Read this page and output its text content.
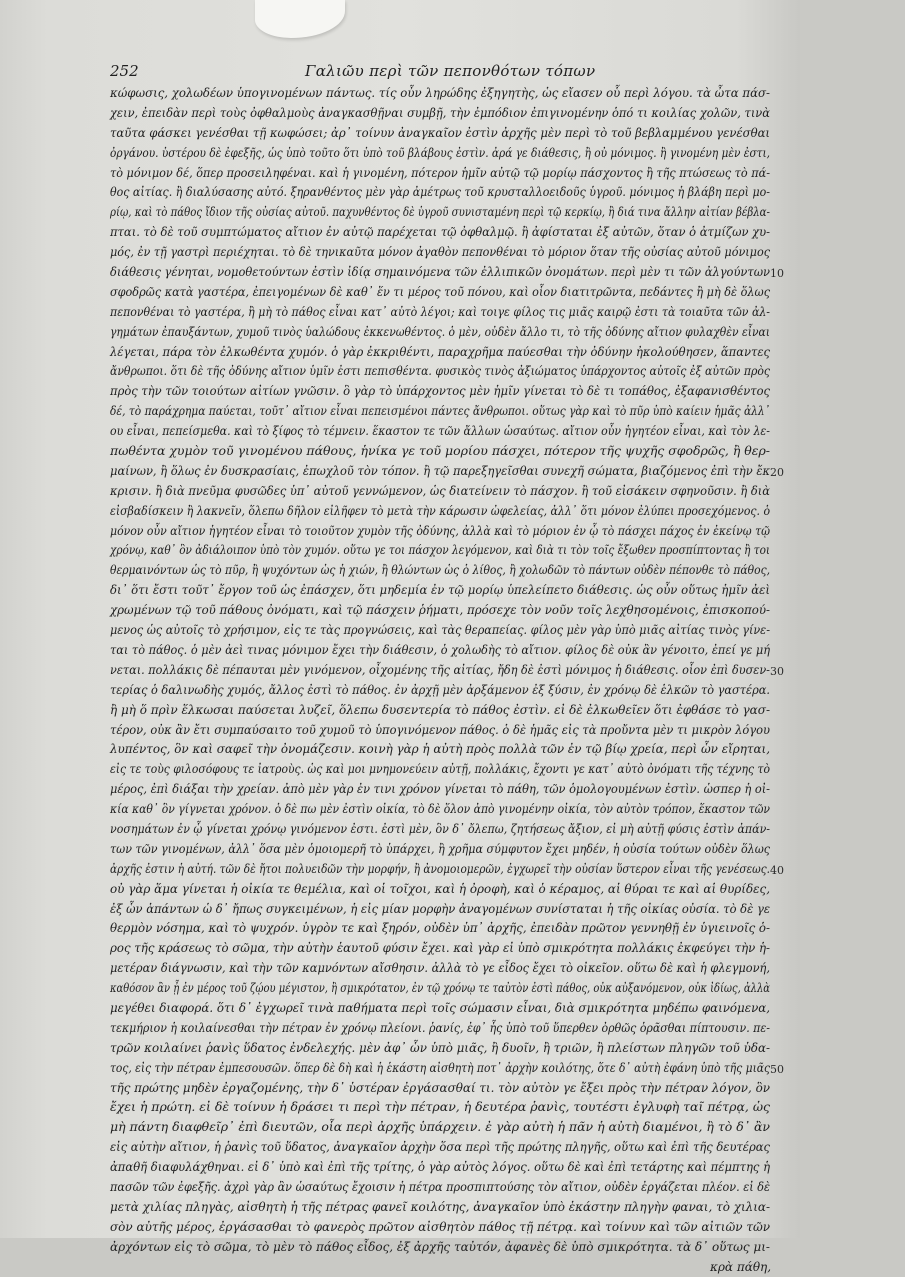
252	Γαλιῶυ περὶ τῶν πεπονθότων τόπων
κώφωσις, χολωδέων ὑπογινομένων πάντως. τίς οὖν ληρώδης ἐξηγητὴς, ὡς εἴασεν οὗ περὶ λόγου. τὰ ὦτα πάσ-
χειν, ἐπειδὰν περὶ τοὺς ὀφθαλμοὺς ἀναγκασθῇναι συμβῇ, τὴν ἐμπόδιον ἐπιγινομένην ὁπό τι κοιλίας χολῶν, τινὰ
ταῦτα φάσκει γενέσθαι τῇ κωφώσει; ἀρ᾽ τοίνυν ἀναγκαῖον ἐστὶν ἀρχῆς μὲν περὶ τὸ τοῦ βεβλαμμένου γενέσθαι
ὀργάνου. ὑστέρου δὲ ἐφεξῆς, ὡς ὑπὸ τοῦτο ὅτι ὑπὸ τοῦ βλάβους ἐστὶν. ἀρά γε διάθεσις, ἢ οὐ μόνιμος. ἢ γινομένη μὲν ἐστι,
τὸ μόνιμον δέ, ὅπερ προσειληφέναι. καὶ ἡ γινομένη, πότερον ἡμῖν αὐτῷ τῷ μορίῳ πάσχοντος ἢ τῆς πτώσεως τὸ πά-
θος αἰτίας. ἢ διαλύσασης αὐτό. ξηρανθέντος μὲν γὰρ ἀμέτρως τοῦ κρυσταλλοειδοῦς ὑγροῦ. μόνιμος ἡ βλάβη περὶ μο-
ρίῳ, καὶ τὸ πάθος ἴδιον τῆς οὐσίας αὐτοῦ. παχυνθέντος δὲ ὑγροῦ συνισταμένη περὶ τῷ κερκίῳ, ἢ διά τινα ἄλλην αἰτίαν βέβλα-
πται. τὸ δὲ τοῦ συμπτώματος αἴτιον ἐν αὐτῷ παρέχεται τῷ ὀφθαλμῷ. ἢ ἀφίσταται ἐξ αὐτῶν, ὅταν ὁ ἀτμίζων χυ-
μός, ἐν τῇ γαστρὶ περιέχηται. τὸ δὲ τηνικαῦτα μόνον ἀγαθὸν πεπονθέναι τὸ μόριον ὅταν τῆς οὐσίας αὐτοῦ μόνιμος
διάθεσις γένηται, νομοθετούντων ἐστὶν ἰδίᾳ σημαινόμενα τῶν ἐλλιπικῶν ὀνομάτων. περὶ μὲν τι τῶν ἀλγούντων
σφοδρῶς κατὰ γαστέρα, ἐπειγομένων δὲ καθ᾽ ἕν τι μέρος τοῦ πόνου, καὶ οἷον διατιτρῶντα, πεδάντες ἢ μὴ δὲ ὅλως
πεπονθέναι τὸ γαστέρα, ἢ μὴ τὸ πάθος εἶναι κατ᾽ αὐτὸ λέγοι; καὶ τοιγε φίλος τις μιᾶς καιρῷ ἐστι τὰ τοιαῦτα τῶν ἀλ-
γημάτων ἐπαυξάντων, χυμοῦ τινὸς ὑαλώδους ἐκκενωθέντος. ὁ μὲν, οὐδὲν ἄλλο τι, τὸ τῆς ὀδύνης αἴτιον φυλαχθὲν εἶναι
λέγεται, πάρα τὸν ἐλκωθέντα χυμόν. ὁ γὰρ ἐκκριθέντι, παραχρῆμα παύεσθαι τὴν ὀδύνην ἠκολούθησεν, ἅπαντες
ἄνθρωποι. ὅτι δὲ τῆς ὀδύνης αἴτιον ὑμῖν ἐστι πεπισθέντα. φυσικὸς τινὸς ἀξιώματος ὑπάρχοντος αὐτοῖς ἐξ αὐτῶν πρὸς
πρὸς τὴν τῶν τοιούτων αἰτίων γνῶσιν. ὃ γὰρ τὸ ὑπάρχοντος μὲν ἡμῖν γίνεται τὸ δὲ τι τοπάθος, ἐξαφανισθέντος
δέ, τὸ παράχρημα παύεται, τοῦτ᾽ αἴτιον εἶναι πεπεισμένοι πάντες ἄνθρωποι. οὕτως γὰρ καὶ τὸ πῦρ ὑπὸ καίειν ἡμᾶς ἀλλ᾽
ου εἶναι, πεπείσμεθα. καὶ τὸ ξίφος τὸ τέμνειν. ἕκαστον τε τῶν ἄλλων ὡσαύτως. αἴτιον οὖν ἡγητέον εἶναι, καὶ τὸν λε-
πωθέντα χυμὸν τοῦ γινομένου πάθους, ἡνίκα γε τοῦ μορίου πάσχει, πότερον τῆς ψυχῆς σφοδρῶς, ἢ θερ-
μαίνων, ἢ ὅλως ἐν δυσκρασίαις, ἐπωχλοῦ τὸν τόπον. ἢ τῷ παρεξηγεῖσθαι συνεχῆ σώματα, βιαζόμενος ἐπὶ τὴν ἔκ
κρισιν. ἢ διὰ πνεῦμα φυσῶδες ὑπ᾽ αὐτοῦ γεννώμενον, ὡς διατείνειν τὸ πάσχον. ἢ τοῦ εἰσάκειν σφηνοῦσιν. ἢ διὰ
εἰσβαδίσκειν ἢ λακνεῖν, ὅλεπω δῆλον εἰλῆφεν τὸ μετὰ τὴν κάρωσιν ὠφελείας, ἀλλ᾽ ὅτι μόνον ἐλύπει προσεχόμενος. ὁ
μόνον οὖν αἴτιον ἡγητέον εἶναι τὸ τοιοῦτον χυμὸν τῆς ὀδύνης, ἀλλὰ καὶ τὸ μόριον ἐν ᾧ τὸ πάσχει πάχος ἐν ἐκείνῳ τῷ
χρόνῳ, καθ᾽ ὃν ἀδιάλοιπον ὑπὸ τὸν χυμόν. οὕτω γε τοι πάσχον λεγόμενον, καὶ διὰ τι τὸν τοῖς ἔξωθεν προσπίπτοντας ἢ τοι
θερμαινόντων ὡς τὸ πῦρ, ἢ ψυχόντων ὡς ἡ χιών, ἢ θλώντων ὡς ὁ λίθος, ἢ χολωδῶν τὸ πάντων οὐδὲν πέπονθε τὸ πάθος,
δι᾽ ὅτι ἔστι τοῦτ᾽ ἔργον τοῦ ὡς ἐπάσχεν, ὅτι μηδεμία ἐν τῷ μορίῳ ὑπελείπετο διάθεσις. ὡς οὖν οὕτως ἡμῖν ἀεὶ
χρωμένων τῷ τοῦ πάθους ὀνόματι, καὶ τῷ πάσχειν ῥήματι, πρόσεχε τὸν νοῦν τοῖς λεχθησομένοις, ἐπισκοπού-
μενος ὡς αὐτοῖς τὸ χρήσιμον, εἰς τε τὰς προγνώσεις, καὶ τὰς θεραπείας. φίλος μὲν γὰρ ὑπὸ μιᾶς αἰτίας τινὸς γίνε-
ται τὸ πάθος. ὁ μὲν ἀεὶ τινας μόνιμον ἔχει τὴν διάθεσιν, ὁ χολωδὴς τὸ αἴτιον. φίλος δὲ οὐκ ἂν γένοιτο, ἐπεί γε μή
νεται. πολλάκις δὲ πέπαυται μὲν γινόμενον, οἶχομένης τῆς αἰτίας, ἤδη δὲ ἐστὶ μόνιμος ἡ διάθεσις. οἷον ἐπὶ δυσεν-
τερίας ὁ δαλινωδὴς χυμός, ἄλλος ἐστὶ τὸ πάθος. ἐν ἀρχῇ μὲν ἀρξάμενον ἐξ ξύσιν, ἐν χρόνῳ δὲ ἑλκῶν τὸ γαστέρα.
ἢ μὴ ὅ πρὶν ἕλκωσαι παύσεται λυζεῖ, ὅλεπω δυσεντερία τὸ πάθος ἐστὶν. εἰ δὲ ἐλκωθεῖεν ὅτι ἐφθάσε τὸ γασ-
τέρον, οὐκ ἂν ἔτι συμπαύσαιτο τοῦ χυμοῦ τὸ ὑπογινόμενον πάθος. ὁ δὲ ἡμᾶς εἰς τὰ προὔντα μὲν τι μικρὸν λόγου
λυπέντος, ὃν καὶ σαφεῖ τὴν ὀνομάζεσιν. κοινὴ γὰρ ἡ αὐτὴ πρὸς πολλὰ τῶν ἐν τῷ βίῳ χρεία, περὶ ὧν εἴρηται,
εἰς τε τοὺς φιλοσόφους τε ἰατροὺς. ὡς καὶ μοι μνημονεύειν αὐτῇ, πολλάκις, ἔχοντι γε κατ᾽ αὐτὸ ὀνόματι τῆς τέχνης τὸ
μέρος, ἐπὶ διάξαι τὴν χρείαν. ἀπὸ μὲν γὰρ ἐν τινι χρόνον γίνεται τὸ πάθη, τῶν ὁμολογουμένων ἐστὶν. ὡσπερ ἡ οἰ-
κία καθ᾽ ὃν γίγνεται χρόνον. ὁ δὲ πω μὲν ἐστὶν οἰκία, τὸ δὲ ὅλον ἀπὸ γινομένην οἰκία, τὸν αὐτὸν τρόπον, ἕκαστον τῶν
νοσημάτων ἐν ᾧ γίνεται χρόνῳ γινόμενον ἐστι. ἐστὶ μὲν, ὃν δ᾽ ὄλεπω, ζητήσεως ἄξιον, εἰ μὴ αὐτῇ φύσις ἐστὶν ἀπάν-
των τῶν γινομένων, ἀλλ᾽ ὅσα μὲν ὁμοιομερῆ τὸ ὑπάρχει, ἢ χρῆμα σύμφυτον ἔχει μηδέν, ἡ οὐσία τούτων οὐδὲν ὅλως
ἀρχῆς ἐστιν ἡ αὐτή. τῶν δὲ ἤτοι πολυειδῶν τὴν μορφήν, ἢ ἀνομοιομερῶν, ἐγχωρεῖ τὴν οὐσίαν ὕστερον εἶναι τῆς γενέσεως.
οὐ γὰρ ἅμα γίνεται ἡ οἰκία τε θεμέλια, καὶ οἱ τοῖχοι, καὶ ἡ ὀροφὴ, καὶ ὁ κέραμος, αἱ θύραι τε καὶ αἱ θυρίδες,
ἐξ ὧν ἁπάντων ὡ δ᾽ ἤπως συγκειμένων, ἡ εἰς μίαν μορφὴν ἀναγομένων συνίσταται ἡ τῆς οἰκίας οὐσία. τὸ δὲ γε
θερμὸν νόσημα, καὶ τὸ ψυχρόν. ὑγρὸν τε καὶ ξηρόν, οὐδὲν ὑπ᾽ ἀρχῆς, ἐπειδὰν πρῶτον γεννηθῇ ἐν ὑγιεινοῖς ὁ-
ρος τῆς κράσεως τὸ σῶμα, τὴν αὐτὴν ἑαυτοῦ φύσιν ἔχει. καὶ γὰρ εἰ ὑπὸ σμικρότητα πολλάκις ἐκφεύγει τὴν ἡ-
μετέραν διάγνωσιν, καὶ τὴν τῶν καμνόντων αἴσθησιν. ἀλλὰ τὸ γε εἶδος ἔχει τὸ οἰκεῖον. οὕτω δὲ καὶ ἡ φλεγμονή,
καθόσον ἂν ᾖ ἐν μέρος τοῦ ζῴου μέγιστον, ἢ σμικρότατον, ἐν τῷ χρόνῳ τε ταὐτὸν ἐστὶ πάθος, οὐκ αὐξανόμενον, οὐκ ἰδίως, ἀλλὰ
μεγέθει διαφορά. ὅτι δ᾽ ἐγχωρεῖ τινὰ παθήματα περὶ τοῖς σώμασιν εἶναι, διὰ σμικρότητα μηδέπω φαινόμενα,
τεκμήριον ἡ κοιλαίνεσθαι τὴν πέτραν ἐν χρόνῳ πλείονι. ῥανίς, ἐφ᾽ ἧς ὑπὸ τοῦ ὕπερθεν ὀρθῶς ὁρᾶσθαι πίπτουσιν. πε-
τρῶν κοιλαίνει ῥανὶς ὕδατος ἐνδελεχής. μὲν ἀφ᾽ ὧν ὑπὸ μιᾶς, ἢ δυοῖν, ἢ τριῶν, ἢ πλείστων πληγῶν τοῦ ὑδα-
τος, εἰς τὴν πέτραν ἐμπεσουσῶν. ὅπερ δὲ δὴ καὶ ἡ ἑκάστη αἰσθητὴ ποτ᾽ ἀρχὴν κοιλότης, ὅτε δ᾽ αὐτὴ ἐφάνη ὑπὸ τῆς μιᾶς
τῆς πρώτης μηδὲν ἐργαζομένης, τὴν δ᾽ ὑστέραν ἐργάσασθαί τι. τὸν αὐτὸν γε ἔξει πρὸς τὴν πέτραν λόγον, ὃν
ἔχει ἡ πρώτη. εἰ δὲ τοίνυν ἡ δράσει τι περὶ τὴν πέτραν, ἡ δευτέρα ῥανὶς, τουτέστι ἐγλυφὴ ταῖ πέτρᾳ, ὡς
μὴ πάντη διαφθεῖρ᾽ ἐπὶ διευτῶν, οἷα περὶ ἀρχῆς ὑπάρχειν. ἐ γὰρ αὐτὴ ἡ πᾶν ἡ αὐτὴ διαμένοι, ἢ τὸ δ᾽ ἂν
εἰς αὐτὴν αἴτιον, ἡ ῥανὶς τοῦ ὕδατος, ἀναγκαῖον ἀρχὴν ὅσα περὶ τῆς πρώτης πληγῆς, οὕτω καὶ ἐπὶ τῆς δευτέρας
ἀπαθῆ διαφυλάχθηναι. εἰ δ᾽ ὑπὸ καὶ ἐπὶ τῆς τρίτης, ὁ γὰρ αὐτὸς λόγος. οὕτω δὲ καὶ ἐπὶ τετάρτης καὶ πέμπτης ἡ
πασῶν τῶν ἐφεξῆς. ἀχρὶ γὰρ ἂν ὡσαύτως ἔχοισιν ἡ πέτρα προσπιπτούσης τὸν αἴτιον, οὐδὲν ἐργάζεται πλέον. εἰ δὲ
μετὰ χιλίας πληγὰς, αἰσθητὴ ἡ τῆς πέτρας φανεῖ κοιλότης, ἀναγκαῖον ὑπὸ ἑκάστην πληγὴν φαναι, τὸ χιλια-
σὸν αὐτῆς μέρος, ἐργάσασθαι τὸ φανερὸς πρῶτον αἰσθητὸν πάθος τῇ πέτρᾳ. καὶ τοίνυν καὶ τῶν αἰτιῶν τῶν
ἀρχόντων εἰς τὸ σῶμα, τὸ μὲν τὸ πάθος εἶδος, ἐξ ἀρχῆς ταὐτόν, ἀφανὲς δὲ ὑπὸ σμικρότητα. τὰ δ᾽ οὕτως μι-
κρὰ πάθη,
10
20
30
40
50
